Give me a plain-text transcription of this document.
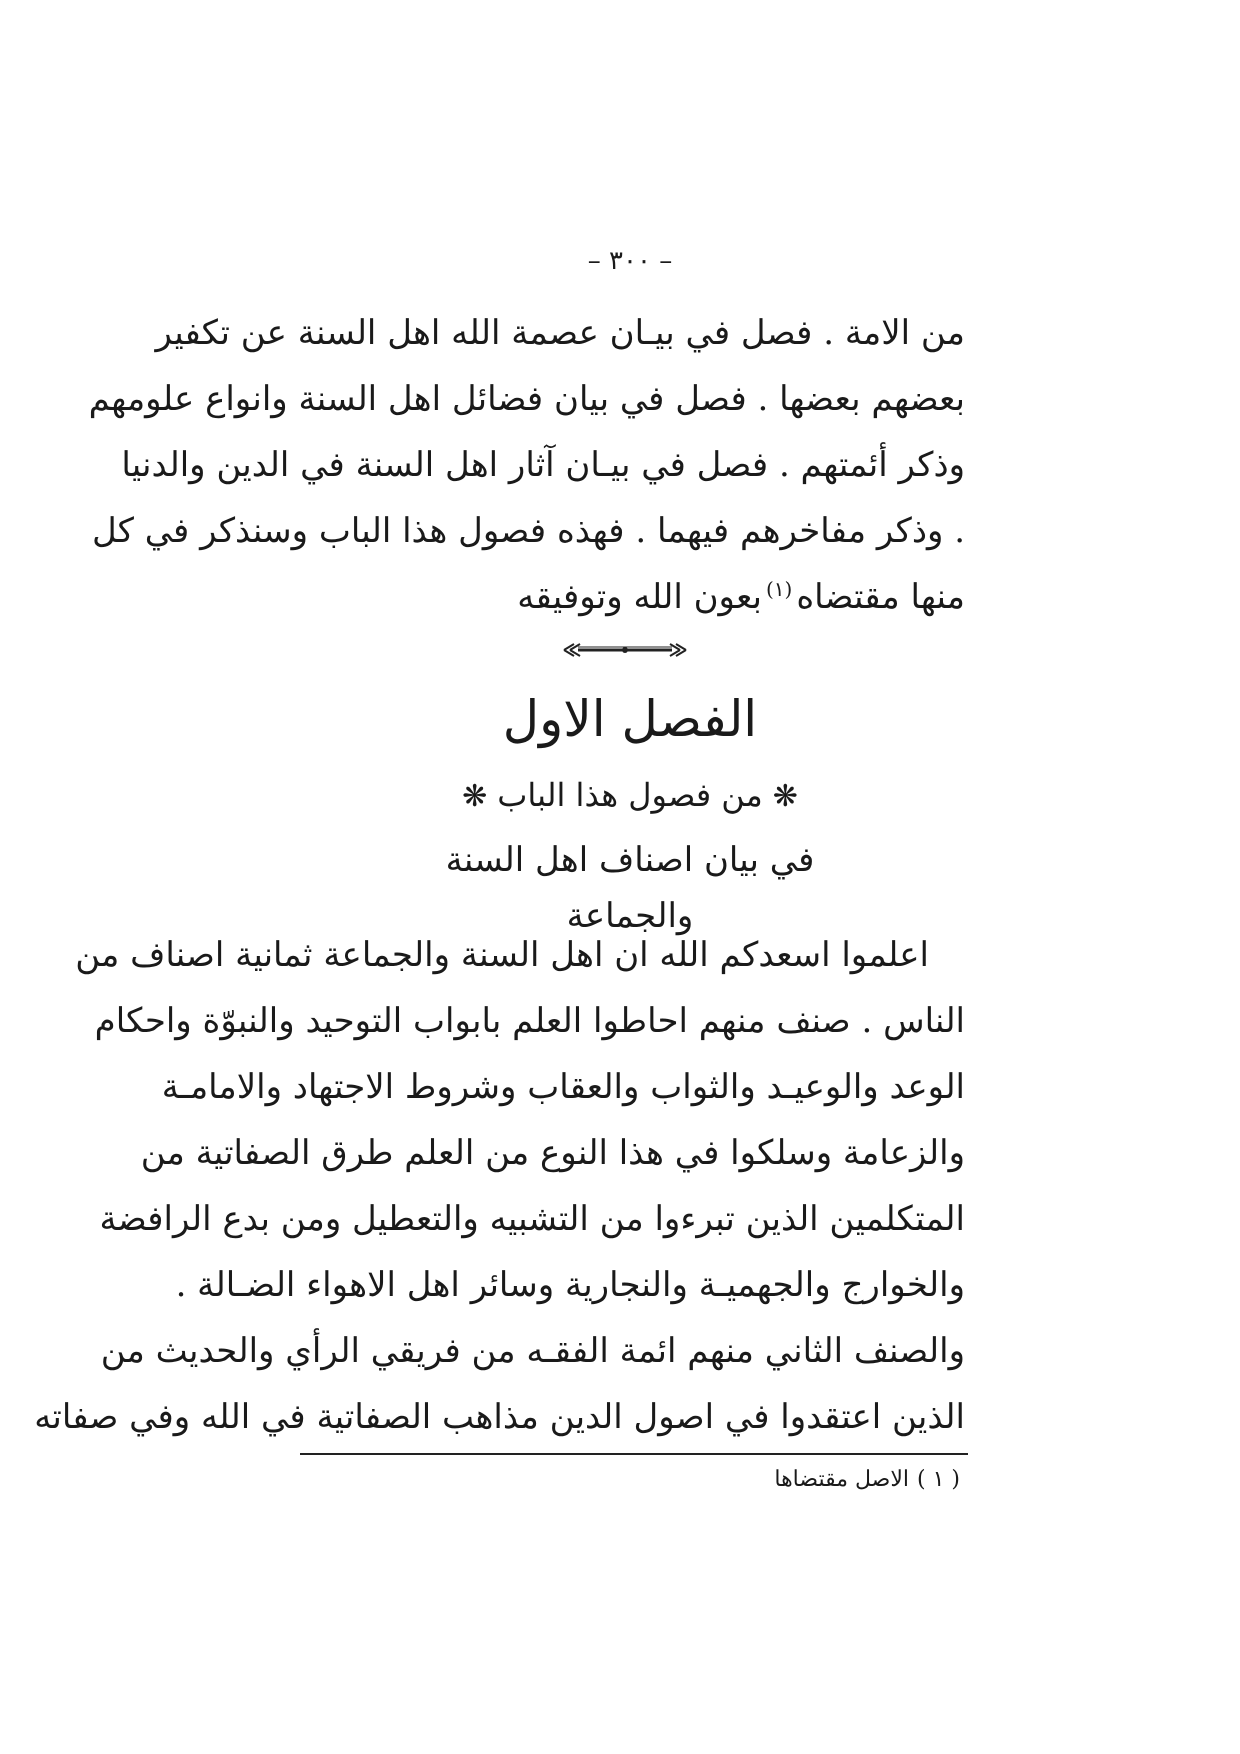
– ٣٠٠ –
من الامة . فصل في بيـان عصمة الله اهل السنة عن تكفير
بعضهم بعضها . فصل في بيان فضائل اهل السنة وانواع علومهم
وذكر أئمتهم . فصل في بيـان آثار اهل السنة في الدين والدنيا
. وذكر مفاخرهم فيهما . فهذه فصول هذا الباب وسنذكر في كل
منها مقتضاه$^{(١)}$بعون الله وتوفيقه
الفصل الاول
❋من فصول هذا الباب❋
في بيان اصناف اهل السنة والجماعة
اعلموا اسعدكم الله ان اهل السنة والجماعة ثمانية اصناف من
الناس . صنف منهم احاطوا العلم بابواب التوحيد والنبوّة واحكام
الوعد والوعيـد والثواب والعقاب وشروط الاجتهاد والامامـة
والزعامة وسلكوا في هذا النوع من العلم طرق الصفاتية من
المتكلمين الذين تبرءوا من التشبيه والتعطيل ومن بدع الرافضة
والخوارج والجهميـة والنجارية وسائر اهل الاهواء الضـالة .
والصنف الثاني منهم ائمة الفقـه من فريقي الرأي والحديث من
الذين اعتقدوا في اصول الدين مذاهب الصفاتية في الله وفي صفاته
( ١ )الاصل مقتضاها
